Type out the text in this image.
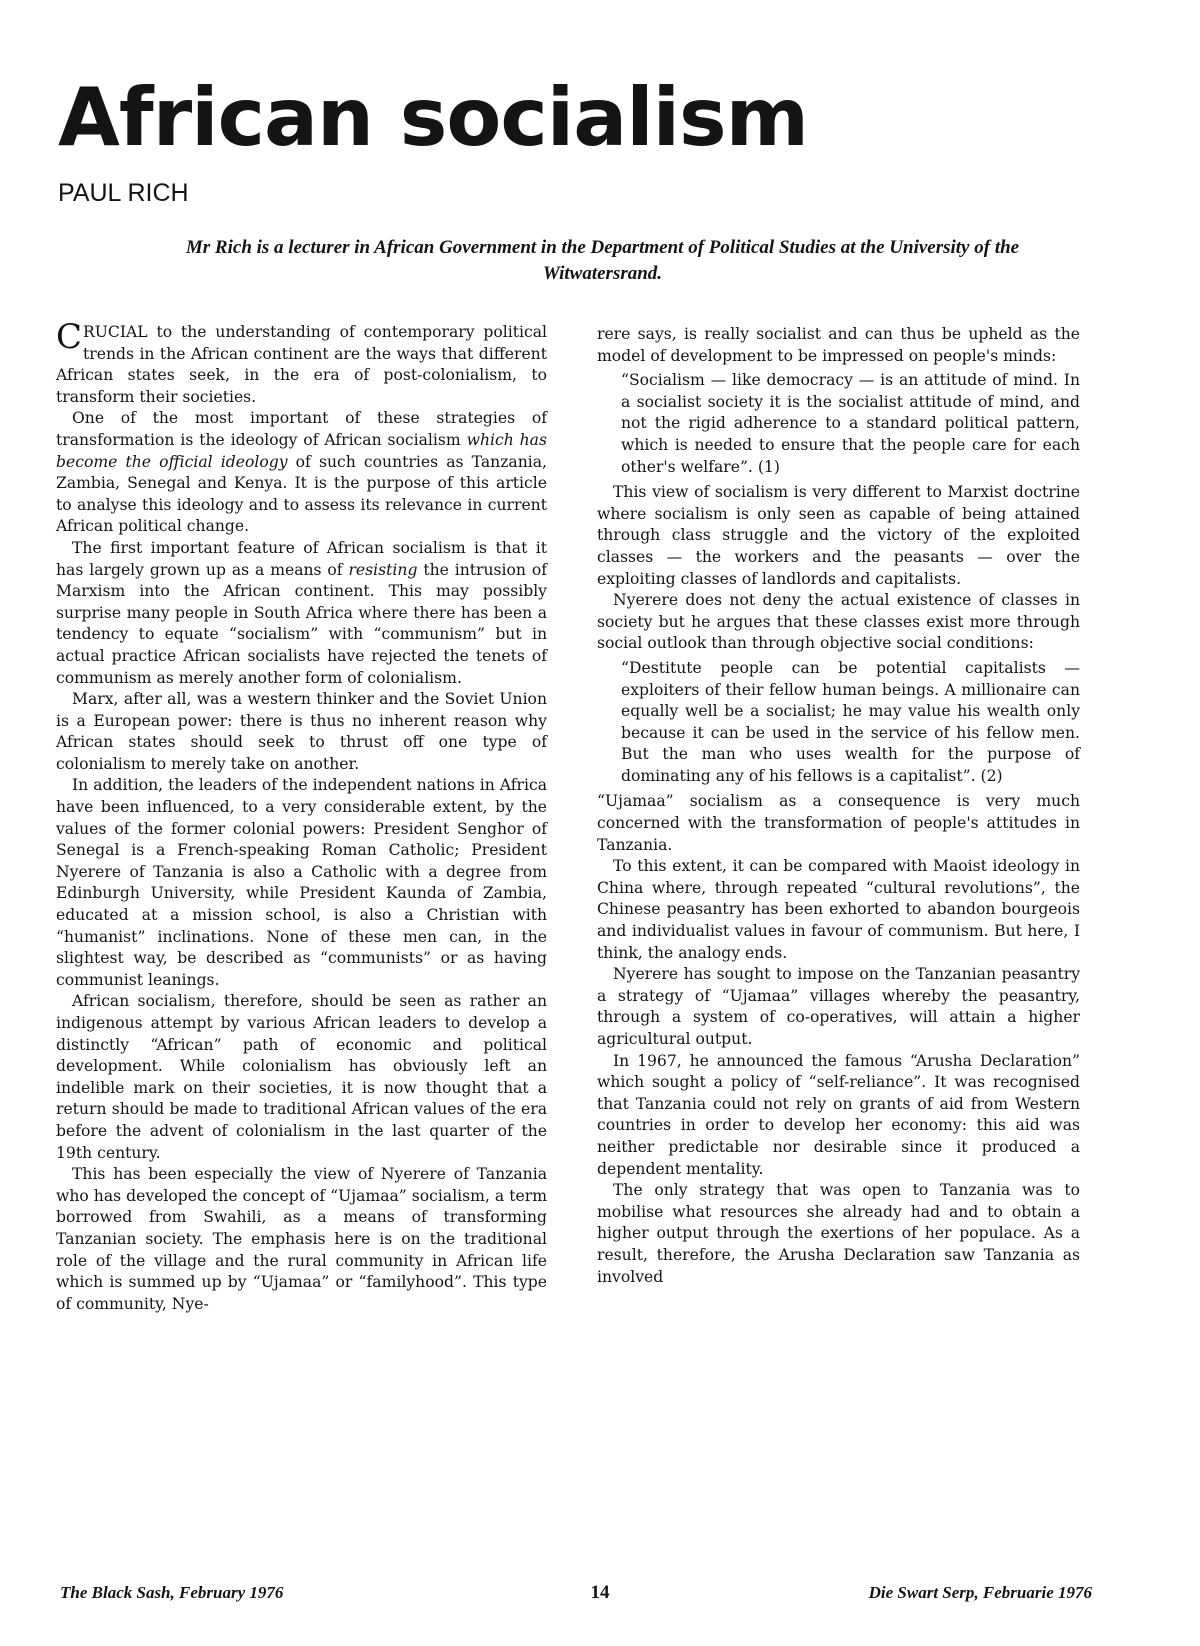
African socialism
PAUL RICH
Mr Rich is a lecturer in African Government in the Department of Political Studies at the University of the Witwatersrand.

CRUCIAL to the understanding of contemporary political trends in the African continent are the ways that different African states seek, in the era of post-colonialism, to transform their societies.

One of the most important of these strategies of transformation is the ideology of African socialism which has become the official ideology of such countries as Tanzania, Zambia, Senegal and Kenya. It is the purpose of this article to analyse this ideology and to assess its relevance in current African political change.

The first important feature of African socialism is that it has largely grown up as a means of resisting the intrusion of Marxism into the African continent. This may possibly surprise many people in South Africa where there has been a tendency to equate “socialism” with “communism” but in actual practice African socialists have rejected the tenets of communism as merely another form of colonialism.

Marx, after all, was a western thinker and the Soviet Union is a European power: there is thus no inherent reason why African states should seek to thrust off one type of colonialism to merely take on another.

In addition, the leaders of the independent nations in Africa have been influenced, to a very considerable extent, by the values of the former colonial powers: President Senghor of Senegal is a French-speaking Roman Catholic; President Nyerere of Tanzania is also a Catholic with a degree from Edinburgh University, while President Kaunda of Zambia, educated at a mission school, is also a Christian with “humanist” inclinations. None of these men can, in the slightest way, be described as “communists” or as having communist leanings.

African socialism, therefore, should be seen as rather an indigenous attempt by various African leaders to develop a distinctly “African” path of economic and political development. While colonialism has obviously left an indelible mark on their societies, it is now thought that a return should be made to traditional African values of the era before the advent of colonialism in the last quarter of the 19th century.

This has been especially the view of Nyerere of Tanzania who has developed the concept of “Ujamaa” socialism, a term borrowed from Swahili, as a means of transforming Tanzanian society. The emphasis here is on the traditional role of the village and the rural community in African life which is summed up by “Ujamaa” or “familyhood”. This type of community, Nye-

rere says, is really socialist and can thus be upheld as the model of development to be impressed on people's minds:

“Socialism — like democracy — is an attitude of mind. In a socialist society it is the socialist attitude of mind, and not the rigid adherence to a standard political pattern, which is needed to ensure that the people care for each other's welfare”. (1)

This view of socialism is very different to Marxist doctrine where socialism is only seen as capable of being attained through class struggle and the victory of the exploited classes — the workers and the peasants — over the exploiting classes of landlords and capitalists.

Nyerere does not deny the actual existence of classes in society but he argues that these classes exist more through social outlook than through objective social conditions:

“Destitute people can be potential capitalists — exploiters of their fellow human beings. A millionaire can equally well be a socialist; he may value his wealth only because it can be used in the service of his fellow men. But the man who uses wealth for the purpose of dominating any of his fellows is a capitalist”. (2)

“Ujamaa” socialism as a consequence is very much concerned with the transformation of people's attitudes in Tanzania.

To this extent, it can be compared with Maoist ideology in China where, through repeated “cultural revolutions”, the Chinese peasantry has been exhorted to abandon bourgeois and individualist values in favour of communism. But here, I think, the analogy ends.

Nyerere has sought to impose on the Tanzanian peasantry a strategy of “Ujamaa” villages whereby the peasantry, through a system of co-operatives, will attain a higher agricultural output.

In 1967, he announced the famous “Arusha Declaration” which sought a policy of “self-reliance”. It was recognised that Tanzania could not rely on grants of aid from Western countries in order to develop her economy: this aid was neither predictable nor desirable since it produced a dependent mentality.

The only strategy that was open to Tanzania was to mobilise what resources she already had and to obtain a higher output through the exertions of her populace. As a result, therefore, the Arusha Declaration saw Tanzania as involved

The Black Sash, February 1976	14	Die Swart Serp, Februarie 1976
